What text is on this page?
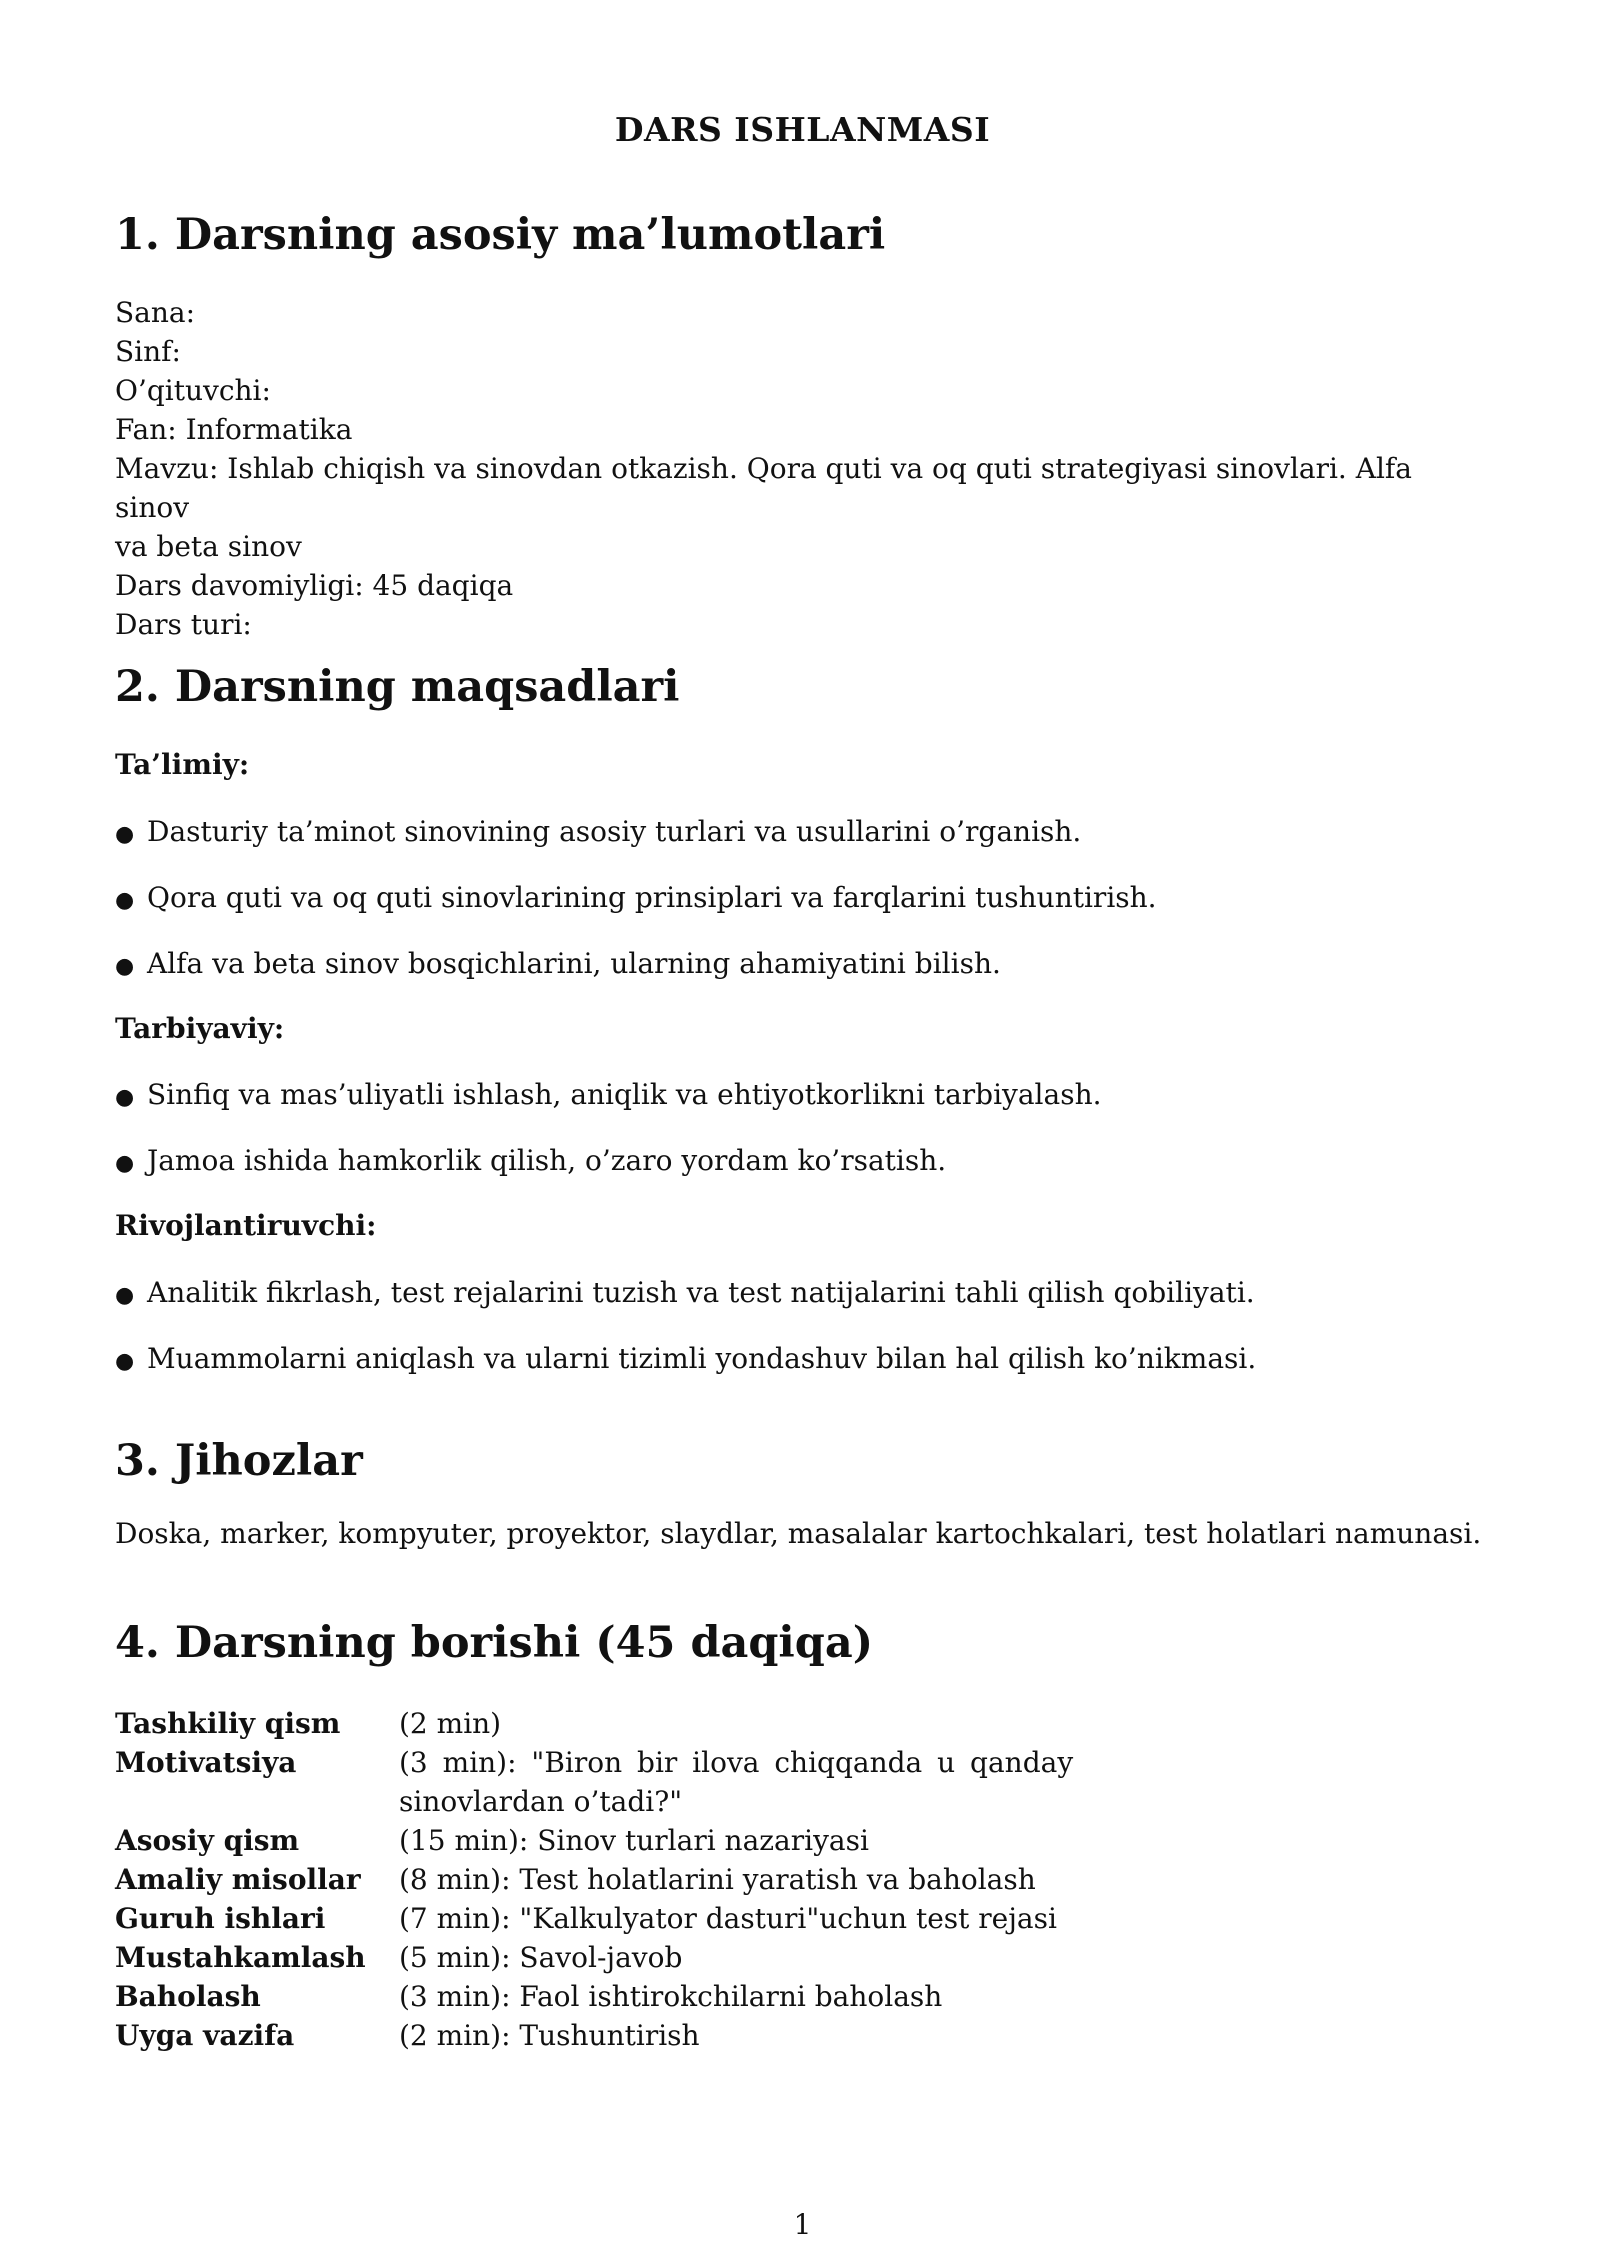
DARS ISHLANMASI
1. Darsning asosiy ma’lumotlari

Sana:

Sinf:

O’qituvchi:

Fan: Informatika

Mavzu: Ishlab chiqish va sinovdan otkazish. Qora quti va oq quti strategiyasi sinovlari. Alfa sinov

va beta sinov

Dars davomiyligi: 45 daqiqa

Dars turi:

2. Darsning maqsadlari
Ta’limiy:
● Dasturiy ta’minot sinovining asosiy turlari va usullarini o’rganish.
● Qora quti va oq quti sinovlarining prinsiplari va farqlarini tushuntirish.
● Alfa va beta sinov bosqichlarini, ularning ahamiyatini bilish.
Tarbiyaviy:
● Sinfiq va mas’uliyatli ishlash, aniqlik va ehtiyotkorlikni tarbiyalash.
● Jamoa ishida hamkorlik qilish, o’zaro yordam ko’rsatish.
Rivojlantiruvchi:
● Analitik fikrlash, test rejalarini tuzish va test natijalarini tahli qilish qobiliyati.
● Muammolarni aniqlash va ularni tizimli yondashuv bilan hal qilish ko’nikmasi.
3. Jihozlar
Doska, marker, kompyuter, proyektor, slaydlar, masalalar kartochkalari, test holatlari namunasi.
4. Darsning borishi (45 daqiqa)
Tashkiliy qism	(2 min)
Motivatsiya	(3 min): "Biron bir ilova chiqqanda u qanday
sinovlardan o’tadi?"
Asosiy qism	(15 min): Sinov turlari nazariyasi
Amaliy misollar	(8 min): Test holatlarini yaratish va baholash
Guruh ishlari	(7 min): "Kalkulyator dasturi"uchun test rejasi
Mustahkamlash	(5 min): Savol-javob
Baholash	(3 min): Faol ishtirokchilarni baholash
Uyga vazifa	(2 min): Tushuntirish
1
